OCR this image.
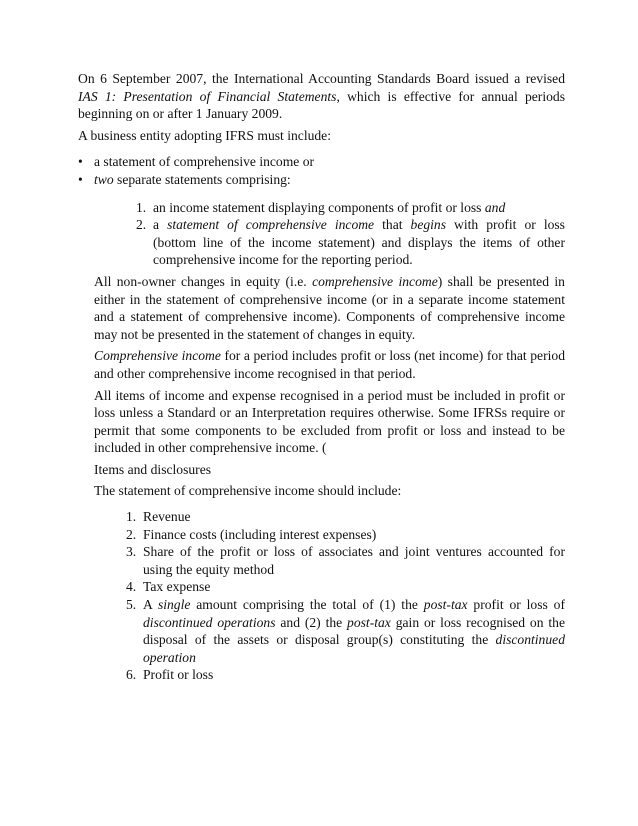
On 6 September 2007, the International Accounting Standards Board issued a revised IAS 1: Presentation of Financial Statements, which is effective for annual periods beginning on or after 1 January 2009.

A business entity adopting IFRS must include:

• a statement of comprehensive income or
• two separate statements comprising:
1. an income statement displaying components of profit or loss and
2. a statement of comprehensive income that begins with profit or loss (bottom line of the income statement) and displays the items of other comprehensive income for the reporting period.

All non-owner changes in equity (i.e. comprehensive income) shall be presented in either in the statement of comprehensive income (or in a separate income statement and a statement of comprehensive income). Components of comprehensive income may not be presented in the statement of changes in equity.

Comprehensive income for a period includes profit or loss (net income) for that period and other comprehensive income recognised in that period.

All items of income and expense recognised in a period must be included in profit or loss unless a Standard or an Interpretation requires otherwise. Some IFRSs require or permit that some components to be excluded from profit or loss and instead to be included in other comprehensive income. (

Items and disclosures

The statement of comprehensive income should include:

1. Revenue
2. Finance costs (including interest expenses)
3. Share of the profit or loss of associates and joint ventures accounted for using the equity method
4. Tax expense
5. A single amount comprising the total of (1) the post-tax profit or loss of discontinued operations and (2) the post-tax gain or loss recognised on the disposal of the assets or disposal group(s) constituting the discontinued operation
6. Profit or loss
